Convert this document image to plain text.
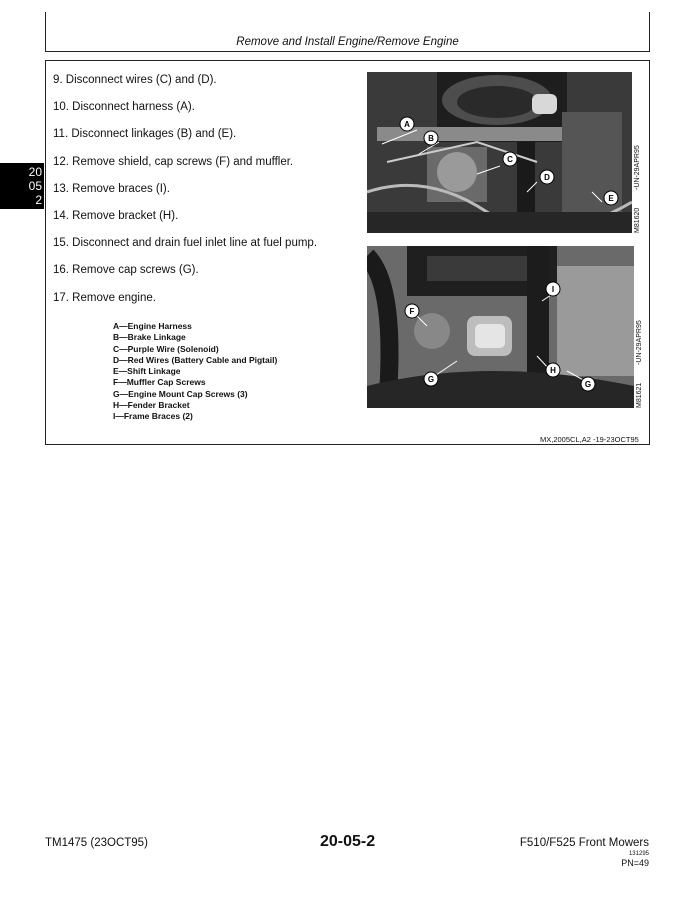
Remove and Install Engine/Remove Engine
20
05
2
9. Disconnect wires (C) and (D).
10. Disconnect harness (A).
11. Disconnect linkages (B) and (E).
12. Remove shield, cap screws (F) and muffler.
13. Remove braces (I).
14. Remove bracket (H).
15. Disconnect and drain fuel inlet line at fuel pump.
16. Remove cap screws (G).
17. Remove engine.
A—Engine Harness
B—Brake Linkage
C—Purple Wire (Solenoid)
D—Red Wires (Battery Cable and Pigtail)
E—Shift Linkage
F—Muffler Cap Screws
G—Engine Mount Cap Screws (3)
H—Fender Bracket
I—Frame Braces (2)
A
B
C
D
E
-UN-29APR95
M81620
F
G
H
I
G
-UN-29APR95
M81621
MX,2005CL,A2 -19-23OCT95
TM1475 (23OCT95)	20-05-2	F510/F525 Front Mowers
131295
PN=49
